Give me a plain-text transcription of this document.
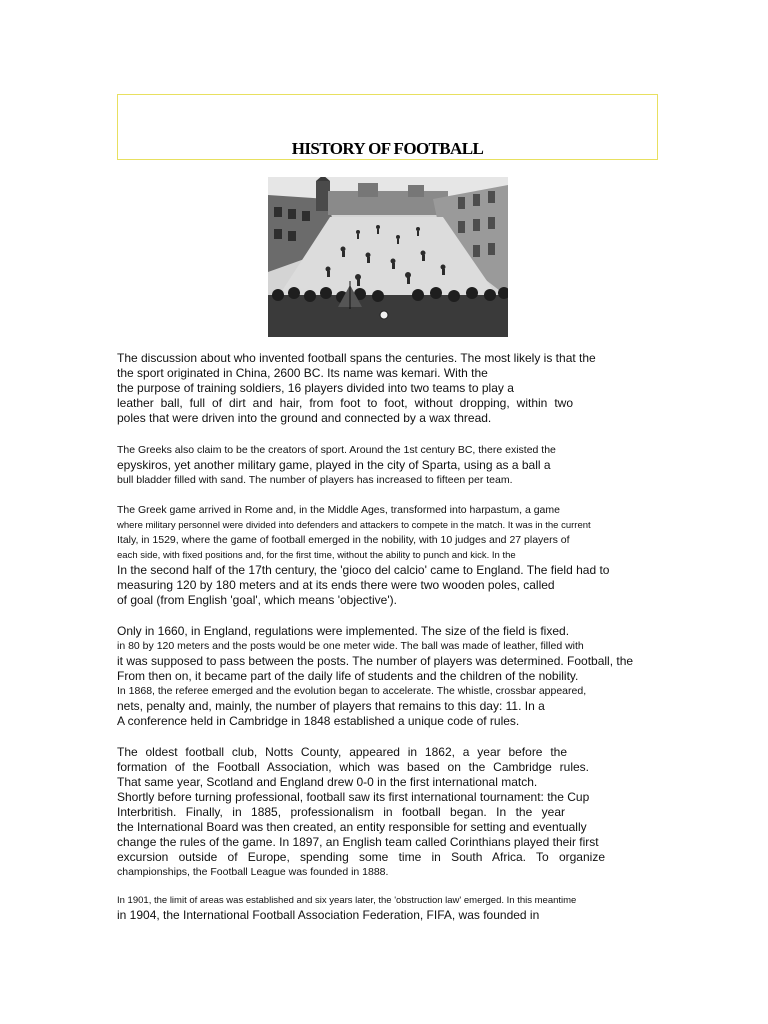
HISTORY OF FOOTBALL
The discussion about who invented football spans the centuries. The most likely is that the
the sport originated in China, 2600 BC. Its name was kemari. With the
the purpose of training soldiers, 16 players divided into two teams to play a
leather ball, full of dirt and hair, from foot to foot, without dropping, within two
poles that were driven into the ground and connected by a wax thread.
The Greeks also claim to be the creators of sport. Around the 1st century BC, there existed the
epyskiros, yet another military game, played in the city of Sparta, using as a ball a
bull bladder filled with sand. The number of players has increased to fifteen per team.
The Greek game arrived in Rome and, in the Middle Ages, transformed into harpastum, a game
where military personnel were divided into defenders and attackers to compete in the match. It was in the current
Italy, in 1529, where the game of football emerged in the nobility, with 10 judges and 27 players of
each side, with fixed positions and, for the first time, without the ability to punch and kick. In the
In the second half of the 17th century, the 'gioco del calcio' came to England. The field had to
measuring 120 by 180 meters and at its ends there were two wooden poles, called
of goal (from English 'goal', which means 'objective').
Only in 1660, in England, regulations were implemented. The size of the field is fixed.
in 80 by 120 meters and the posts would be one meter wide. The ball was made of leather, filled with
it was supposed to pass between the posts. The number of players was determined. Football, the
From then on, it became part of the daily life of students and the children of the nobility.
In 1868, the referee emerged and the evolution began to accelerate. The whistle, crossbar appeared,
nets, penalty and, mainly, the number of players that remains to this day: 11. In a
A conference held in Cambridge in 1848 established a unique code of rules.
The oldest football club, Notts County, appeared in 1862, a year before the
formation of the Football Association, which was based on the Cambridge rules.
That same year, Scotland and England drew 0-0 in the first international match.
Shortly before turning professional, football saw its first international tournament: the Cup
Interbritish. Finally, in 1885, professionalism in football began. In the year
the International Board was then created, an entity responsible for setting and eventually
change the rules of the game. In 1897, an English team called Corinthians played their first
excursion outside of Europe, spending some time in South Africa. To organize
championships, the Football League was founded in 1888.
In 1901, the limit of areas was established and six years later, the 'obstruction law' emerged. In this meantime
in 1904, the International Football Association Federation, FIFA, was founded in
